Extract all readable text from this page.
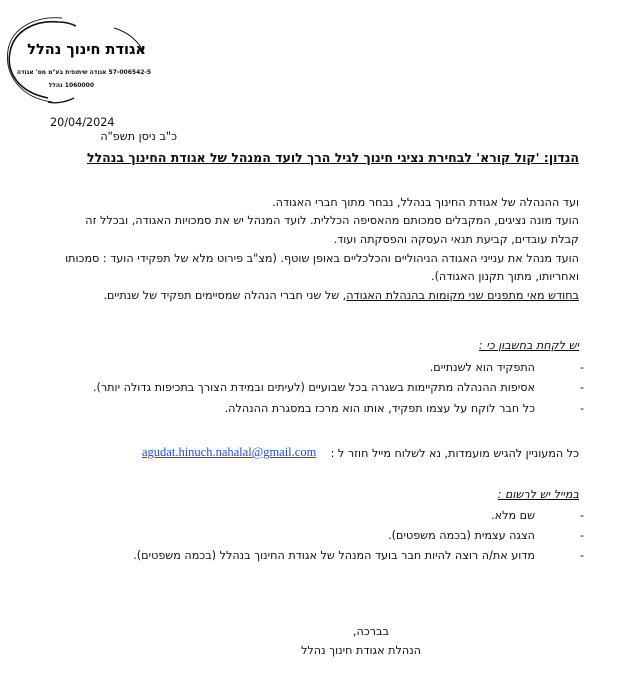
אגודת חינוך נהלל
57-006542-5 אגודה שיתופית בע"מ מס' אגודה
1060000 נהלל
20/04/2024
כ"ב ניסן תשפ"ה
הנדון: 'קול קורא' לבחירת נציגי חינוך לגיל הרך לועד המנהל של אגודת החינוך בנהלל
ועד ההנהלה של אגודת החינוך בנהלל, נבחר מתוך חברי האגודה.
הועד מונה נציגים, המקבלים סמכותם מהאסיפה הכללית. לועד המנהל יש את סמכויות האגודה, ובכלל זה
קבלת עובדים, קביעת תנאי העסקה והפסקתה ועוד.
הועד מנהל את ענייני האגודה הניהוליים והכלכליים באופן שוטף. (מצ"ב פירוט מלא של תפקידי הועד : סמכותו
ואחריותו, מתוך תקנון האגודה).
בחודש מאי מתפנים שני מקומות בהנהלת האגודה, של שני חברי הנהלה שמסיימים תפקיד של שנתיים.
יש לקחת בחשבון כי :
התפקיד הוא לשנתיים.	-
אסיפות ההנהלה מתקיימות בשגרה בכל שבועיים (לעיתים ובמידת הצורך בתכיפות גדולה יותר).	-
כל חבר לוקח על עצמו תפקיד, אותו הוא מרכז במסגרת ההנהלה.	-
כל המעוניין להגיש מועמדות, נא לשלוח מייל חוזר ל :
agudat.hinuch.nahalal@gmail.com
במייל יש לרשום :
שם מלא.	-
הצגה עצמית (בכמה משפטים).	-
מדוע את/ה רוצה להיות חבר בועד המנהל של אגודת החינוך בנהלל (בכמה משפטים).	-
בברכה,
הנהלת אגודת חינוך נהלל
